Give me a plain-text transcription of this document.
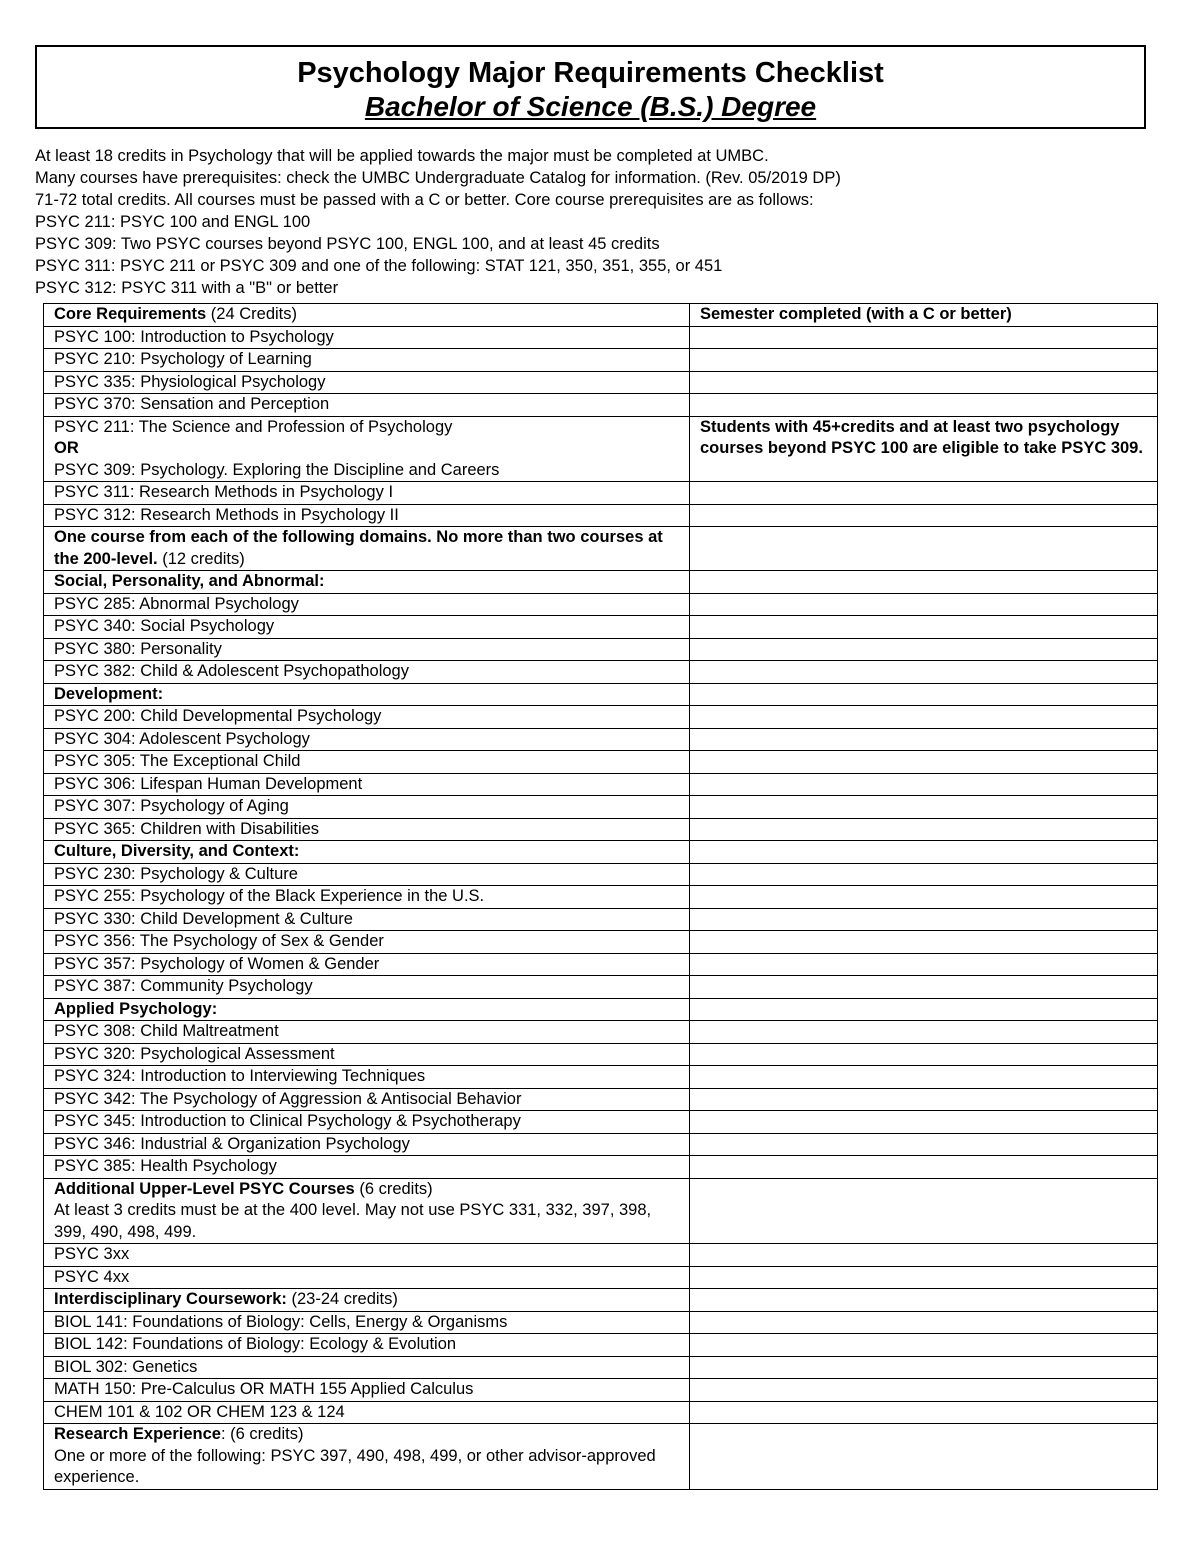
Psychology Major Requirements Checklist
Bachelor of Science (B.S.) Degree
At least 18 credits in Psychology that will be applied towards the major must be completed at UMBC.
Many courses have prerequisites: check the UMBC Undergraduate Catalog for information. (Rev. 05/2019 DP)
71-72 total credits. All courses must be passed with a C or better. Core course prerequisites are as follows:
PSYC 211: PSYC 100 and ENGL 100
PSYC 309: Two PSYC courses beyond PSYC 100, ENGL 100, and at least 45 credits
PSYC 311: PSYC 211 or PSYC 309 and one of the following: STAT 121, 350, 351, 355, or 451
PSYC 312: PSYC 311 with a "B" or better
Core Requirements (24 Credits)	Semester completed (with a C or better)
PSYC 100: Introduction to Psychology	
PSYC 210: Psychology of Learning	
PSYC 335: Physiological Psychology	
PSYC 370: Sensation and Perception	

PSYC 211: The Science and Profession of Psychology
OR
PSYC 309: Psychology. Exploring the Discipline and Careers	Students with 45+credits and at least two psychology courses beyond PSYC 100 are eligible to take PSYC 309.
PSYC 311: Research Methods in Psychology I	
PSYC 312: Research Methods in Psychology II	
One course from each of the following domains. No more than two courses at the 200-level. (12 credits)	
Social, Personality, and Abnormal:	
PSYC 285: Abnormal Psychology	
PSYC 340: Social Psychology	
PSYC 380: Personality	
PSYC 382: Child & Adolescent Psychopathology	
Development:	
PSYC 200: Child Developmental Psychology	
PSYC 304: Adolescent Psychology	
PSYC 305: The Exceptional Child	
PSYC 306: Lifespan Human Development	
PSYC 307: Psychology of Aging	
PSYC 365: Children with Disabilities	
Culture, Diversity, and Context:	
PSYC 230: Psychology & Culture	
PSYC 255: Psychology of the Black Experience in the U.S.	
PSYC 330: Child Development & Culture	
PSYC 356: The Psychology of Sex & Gender	
PSYC 357: Psychology of Women & Gender	
PSYC 387: Community Psychology	
Applied Psychology:	
PSYC 308: Child Maltreatment	
PSYC 320: Psychological Assessment	
PSYC 324: Introduction to Interviewing Techniques	
PSYC 342: The Psychology of Aggression & Antisocial Behavior	
PSYC 345: Introduction to Clinical Psychology & Psychotherapy	
PSYC 346: Industrial & Organization Psychology	
PSYC 385: Health Psychology	
Additional Upper-Level PSYC Courses (6 credits)
At least 3 credits must be at the 400 level. May not use PSYC 331, 332, 397, 398, 399, 490, 498, 499.	

PSYC 3xx	
PSYC 4xx	
Interdisciplinary Coursework: (23-24 credits)	
BIOL 141: Foundations of Biology: Cells, Energy & Organisms	
BIOL 142: Foundations of Biology: Ecology & Evolution	
BIOL 302: Genetics	
MATH 150: Pre-Calculus OR MATH 155 Applied Calculus	
CHEM 101 & 102 OR CHEM 123 & 124	
Research Experience: (6 credits)
One or more of the following: PSYC 397, 490, 498, 499, or other advisor-approved experience.	
